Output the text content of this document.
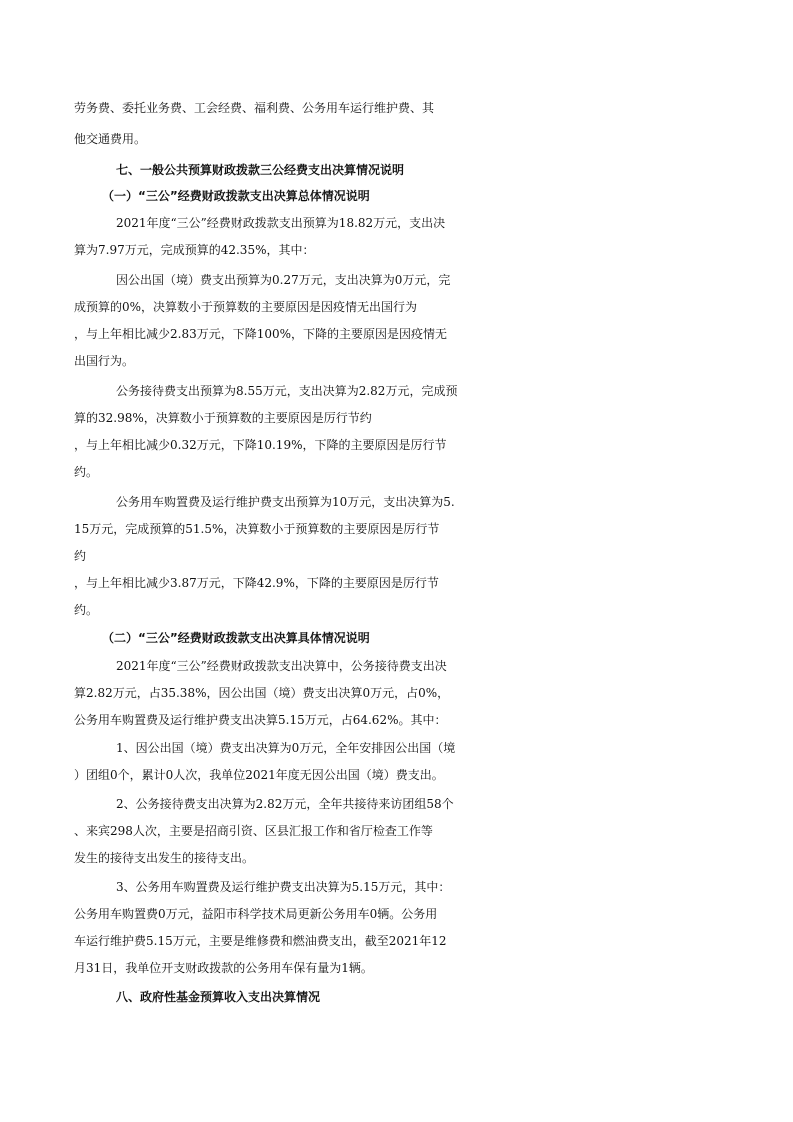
劳务费、委托业务费、工会经费、福利费、公务用车运行维护费、其
他交通费用。
七、一般公共预算财政拨款三公经费支出决算情况说明
（一）“三公”经费财政拨款支出决算总体情况说明
2021年度“三公”经费财政拨款支出预算为18.82万元，支出决
算为7.97万元，完成预算的42.35%，其中：
因公出国（境）费支出预算为0.27万元，支出决算为0万元，完
成预算的0%，决算数小于预算数的主要原因是因疫情无出国行为
，与上年相比减少2.83万元，下降100%，下降的主要原因是因疫情无
出国行为。
公务接待费支出预算为8.55万元，支出决算为2.82万元，完成预
算的32.98%，决算数小于预算数的主要原因是厉行节约
，与上年相比减少0.32万元，下降10.19%，下降的主要原因是厉行节
约。
公务用车购置费及运行维护费支出预算为10万元，支出决算为5.
15万元，完成预算的51.5%，决算数小于预算数的主要原因是厉行节
约
，与上年相比减少3.87万元，下降42.9%，下降的主要原因是厉行节
约。
（二）“三公”经费财政拨款支出决算具体情况说明
2021年度“三公”经费财政拨款支出决算中，公务接待费支出决
算2.82万元，占35.38%，因公出国（境）费支出决算0万元，占0%，
公务用车购置费及运行维护费支出决算5.15万元，占64.62%。其中：
1、因公出国（境）费支出决算为0万元，全年安排因公出国（境
）团组0个，累计0人次，我单位2021年度无因公出国（境）费支出。
2、公务接待费支出决算为2.82万元，全年共接待来访团组58个
、来宾298人次，主要是招商引资、区县汇报工作和省厅检查工作等
发生的接待支出发生的接待支出。
3、公务用车购置费及运行维护费支出决算为5.15万元，其中：
公务用车购置费0万元，益阳市科学技术局更新公务用车0辆。公务用
车运行维护费5.15万元，主要是维修费和燃油费支出，截至2021年12
月31日，我单位开支财政拨款的公务用车保有量为1辆。
八、政府性基金预算收入支出决算情况
